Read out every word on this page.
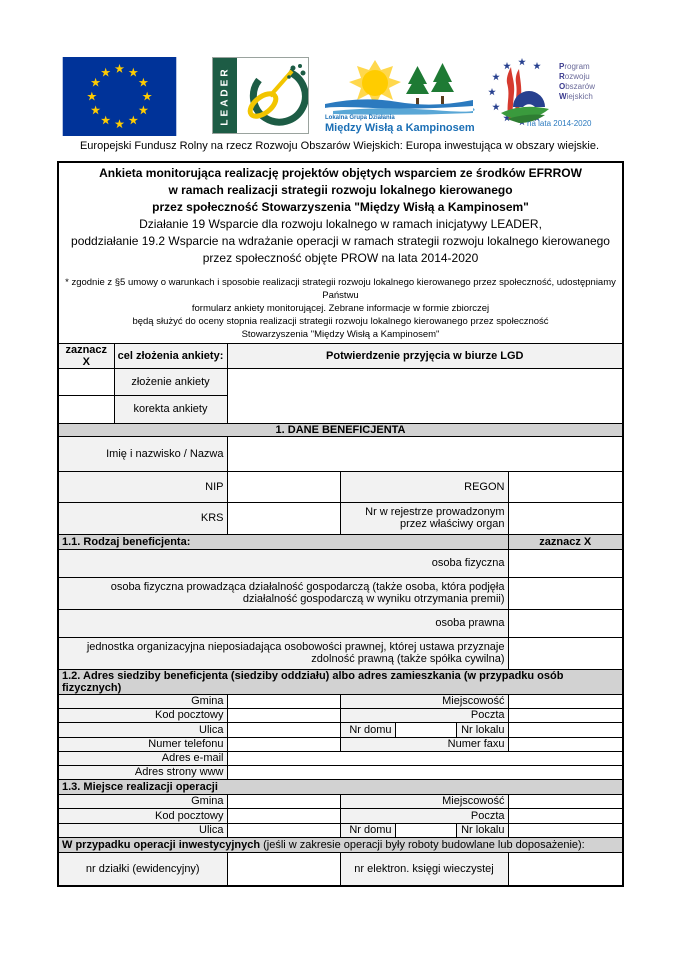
LEADER	Lokalna Grupa Działania
Między Wisłą a Kampinosem
Program
Rozwoju
Obszarów
Wiejskich
na lata 2014-2020
Europejski Fundusz Rolny na rzecz Rozwoju Obszarów Wiejskich: Europa inwestująca w obszary wiejskie.
Ankieta monitorująca realizację projektów objętych wsparciem ze środków EFRROW
w ramach realizacji strategii rozwoju lokalnego kierowanego
przez społeczność Stowarzyszenia "Między Wisłą a Kampinosem"
Działanie 19 Wsparcie dla rozwoju lokalnego w ramach inicjatywy LEADER,
poddziałanie 19.2 Wsparcie na wdrażanie operacji w ramach strategii rozwoju lokalnego kierowanego przez społeczność objęte PROW na lata 2014-2020
* zgodnie z §5 umowy o warunkach i sposobie realizacji strategii rozwoju lokalnego kierowanego przez społeczność, udostępniamy Państwu
formularz ankiety monitorującej. Zebrane informacje w formie zbiorczej
będą służyć do oceny stopnia realizacji strategii rozwoju lokalnego kierowanego przez społeczność
Stowarzyszenia "Między Wisłą a Kampinosem"

zaznacz X	cel złożenia ankiety:	Potwierdzenie przyjęcia w biurze LGD				
	złożenie ankiety					
	korekta ankiety					
1. DANE BENEFICJENTA						
Imię i nazwisko / Nazwa						
NIP			REGON			
KRS			Nr w rejestrze prowadzonym przez właściwy organ			
1.1. Rodzaj beneficjenta:						zaznacz X
osoba fizyczna						
osoba fizyczna prowadząca działalność gospodarczą (także osoba, która podjęła działalność gospodarczą w wyniku otrzymania premii)						
osoba prawna						
jednostka organizacyjna nieposiadająca osobowości prawnej, której ustawa przyznaje zdolność prawną (także spółka cywilna)						
1.2. Adres siedziby beneficjenta (siedziby oddziału) albo adres zamieszkania (w przypadku osób fizycznych)						
Gmina			Miejscowość			
Kod pocztowy			Poczta			
Ulica			Nr domu		Nr lokalu	
Numer telefonu			Numer faxu			
Adres e-mail						
Adres strony www						
1.3. Miejsce realizacji operacji						
Gmina			Miejscowość			
Kod pocztowy			Poczta			
Ulica			Nr domu		Nr lokalu	
W przypadku operacji inwestycyjnych (jeśli w zakresie operacji były roboty budowlane lub doposażenie):						
nr działki (ewidencyjny)			nr elektron. księgi wieczystej			
